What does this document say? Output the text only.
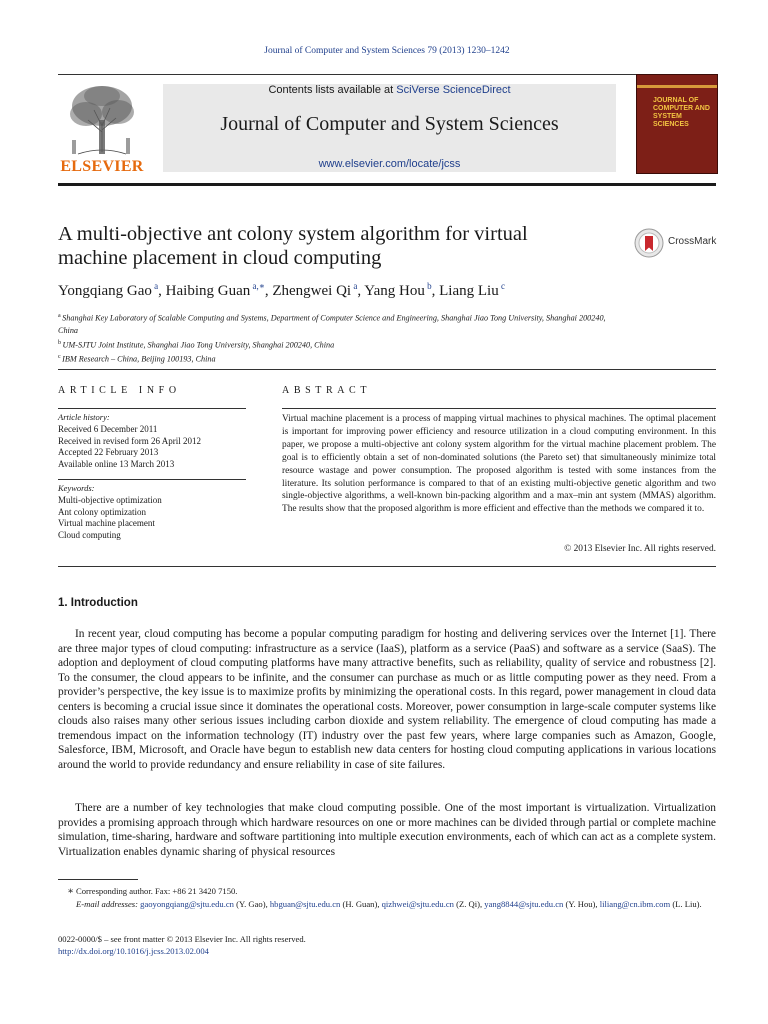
Journal of Computer and System Sciences 79 (2013) 1230–1242
ELSEVIER
Contents lists available at SciVerse ScienceDirect
Journal of Computer and System Sciences
www.elsevier.com/locate/jcss
JOURNAL OF COMPUTER AND SYSTEM SCIENCES
A multi-objective ant colony system algorithm for virtual machine placement in cloud computing
CrossMark
Yongqiang Gao $^a$, Haibing Guan $^{a,∗}$, Zhengwei Qi $^a$, Yang Hou $^b$, Liang Liu $^c$
$^a$ Shanghai Key Laboratory of Scalable Computing and Systems, Department of Computer Science and Engineering, Shanghai Jiao Tong University, Shanghai 200240, China
$^b$ UM-SJTU Joint Institute, Shanghai Jiao Tong University, Shanghai 200240, China
$^c$ IBM Research – China, Beijing 100193, China
ARTICLE INFO	ABSTRACT
Article history:
Received 6 December 2011
Received in revised form 26 April 2012
Accepted 22 February 2013
Available online 13 March 2013
Keywords:
Multi-objective optimization
Ant colony optimization
Virtual machine placement
Cloud computing
Virtual machine placement is a process of mapping virtual machines to physical machines. The optimal placement is important for improving power efficiency and resource utilization in a cloud computing environment. In this paper, we propose a multi-objective ant colony system algorithm for the virtual machine placement problem. The goal is to efficiently obtain a set of non-dominated solutions (the Pareto set) that simultaneously minimize total resource wastage and power consumption. The proposed algorithm is tested with some instances from the literature. Its solution performance is compared to that of an existing multi-objective genetic algorithm and two single-objective algorithms, a well-known bin-packing algorithm and a max–min ant system (MMAS) algorithm. The results show that the proposed algorithm is more efficient and effective than the methods we compared it to.
© 2013 Elsevier Inc. All rights reserved.
1. Introduction
In recent year, cloud computing has become a popular computing paradigm for hosting and delivering services over the Internet [1]. There are three major types of cloud computing: infrastructure as a service (IaaS), platform as a service (PaaS) and software as a service (SaaS). The adoption and deployment of cloud computing platforms have many attractive benefits, such as reliability, quality of service and robustness [2]. To the consumer, the cloud appears to be infinite, and the consumer can purchase as much or as little computing power as they need. From a provider’s perspective, the key issue is to maximize profits by minimizing the operational costs. In this regard, power management in cloud data centers is becoming a crucial issue since it dominates the operational costs. Moreover, power consumption in large-scale computer systems like clouds also raises many other serious issues including carbon dioxide and system reliability. The emergence of cloud computing has made a tremendous impact on the information technology (IT) industry over the past few years, where large companies such as Amazon, Google, Salesforce, IBM, Microsoft, and Oracle have begun to establish new data centers for hosting cloud computing applications in various locations around the world to provide redundancy and ensure reliability in case of site failures.
There are a number of key technologies that make cloud computing possible. One of the most important is virtualization. Virtualization provides a promising approach through which hardware resources on one or more machines can be divided through partial or complete machine simulation, time-sharing, hardware and software partitioning into multiple execution environments, each of which can act as a complete system. Virtualization enables dynamic sharing of physical resources
∗ Corresponding author. Fax: +86 21 3420 7150.
E-mail addresses: gaoyongqiang@sjtu.edu.cn (Y. Gao), hbguan@sjtu.edu.cn (H. Guan), qizhwei@sjtu.edu.cn (Z. Qi), yang8844@sjtu.edu.cn (Y. Hou), liliang@cn.ibm.com (L. Liu).
0022-0000/$ – see front matter © 2013 Elsevier Inc. All rights reserved.
http://dx.doi.org/10.1016/j.jcss.2013.02.004
